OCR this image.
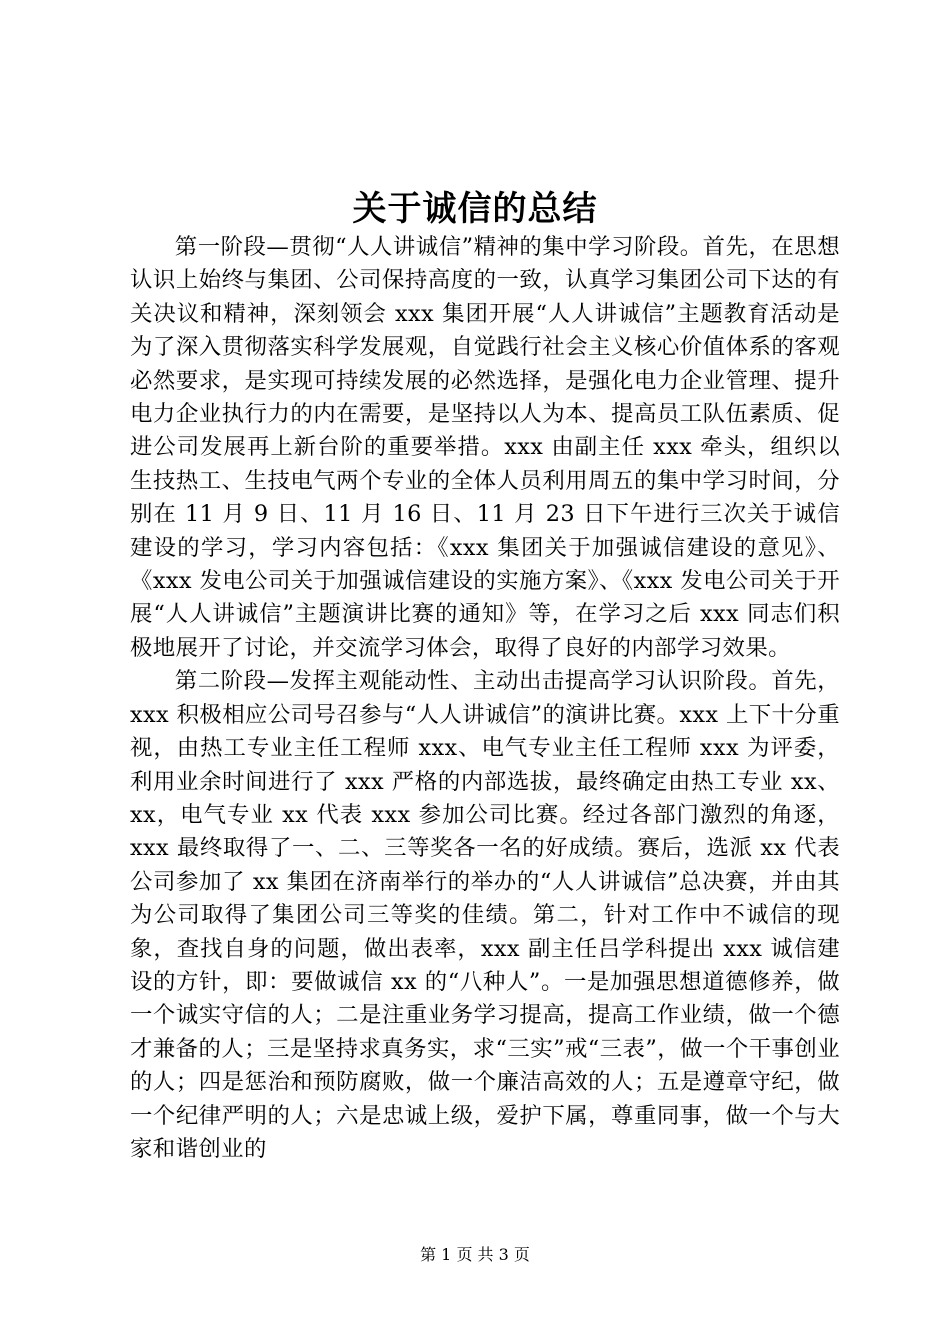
关于诚信的总结

第一阶段—贯彻“人人讲诚信”精神的集中学习阶段。首先，在思想认识上始终与集团、公司保持高度的一致，认真学习集团公司下达的有关决议和精神，深刻领会 xxx 集团开展“人人讲诚信”主题教育活动是为了深入贯彻落实科学发展观，自觉践行社会主义核心价值体系的客观必然要求，是实现可持续发展的必然选择，是强化电力企业管理、提升电力企业执行力的内在需要，是坚持以人为本、提高员工队伍素质、促进公司发展再上新台阶的重要举措。xxx 由副主任 xxx 牵头，组织以生技热工、生技电气两个专业的全体人员利用周五的集中学习时间，分别在 11 月 9 日、11 月 16 日、11 月 23 日下午进行三次关于诚信建设的学习，学习内容包括：《xxx 集团关于加强诚信建设的意见》、《xxx 发电公司关于加强诚信建设的实施方案》、《xxx 发电公司关于开展“人人讲诚信”主题演讲比赛的通知》等，在学习之后 xxx 同志们积极地展开了讨论，并交流学习体会，取得了良好的内部学习效果。

第二阶段—发挥主观能动性、主动出击提高学习认识阶段。首先，xxx 积极相应公司号召参与“人人讲诚信”的演讲比赛。xxx 上下十分重视，由热工专业主任工程师 xxx、电气专业主任工程师 xxx 为评委，利用业余时间进行了 xxx 严格的内部选拔，最终确定由热工专业 xx、xx，电气专业 xx 代表 xxx 参加公司比赛。经过各部门激烈的角逐，xxx 最终取得了一、二、三等奖各一名的好成绩。赛后，选派 xx 代表公司参加了 xx 集团在济南举行的举办的“人人讲诚信”总决赛，并由其为公司取得了集团公司三等奖的佳绩。第二，针对工作中不诚信的现象，查找自身的问题，做出表率，xxx 副主任吕学科提出 xxx 诚信建设的方针，即：要做诚信 xx 的“八种人”。一是加强思想道德修养，做一个诚实守信的人；二是注重业务学习提高，提高工作业绩，做一个德才兼备的人；三是坚持求真务实，求“三实”戒“三表”，做一个干事创业的人；四是惩治和预防腐败，做一个廉洁高效的人；五是遵章守纪，做一个纪律严明的人；六是忠诚上级，爱护下属，尊重同事，做一个与大家和谐创业的

第 1 页 共 3 页
